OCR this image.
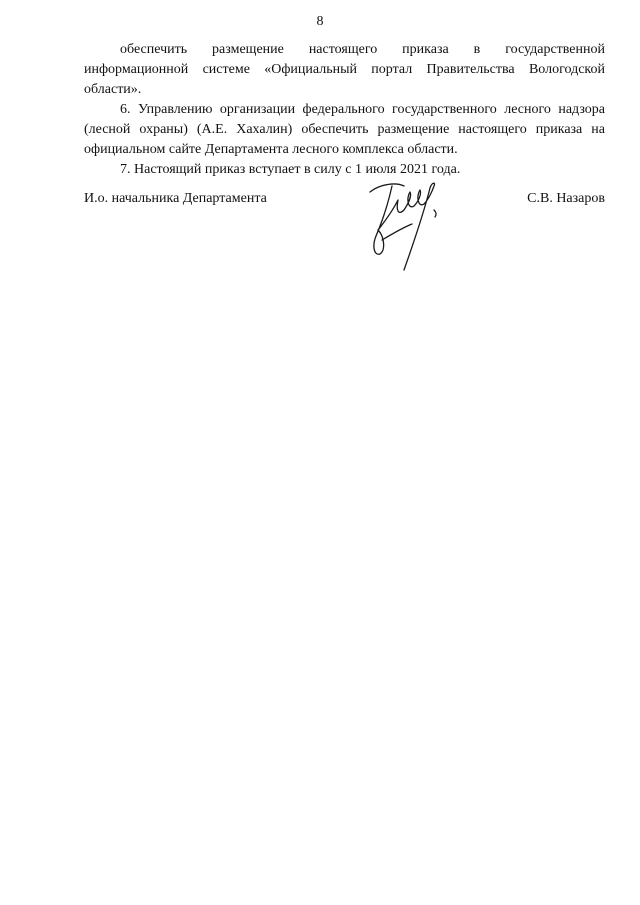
8

обеспечить размещение настоящего приказа в государственной информационной системе «Официальный портал Правительства Вологодской области».

6. Управлению организации федерального государственного лесного надзора (лесной охраны) (А.Е. Хахалин) обеспечить размещение настоящего приказа на официальном сайте Департамента лесного комплекса области.

7. Настоящий приказ вступает в силу с 1 июля 2021 года.

И.о. начальника Департамента	С.В. Назаров
